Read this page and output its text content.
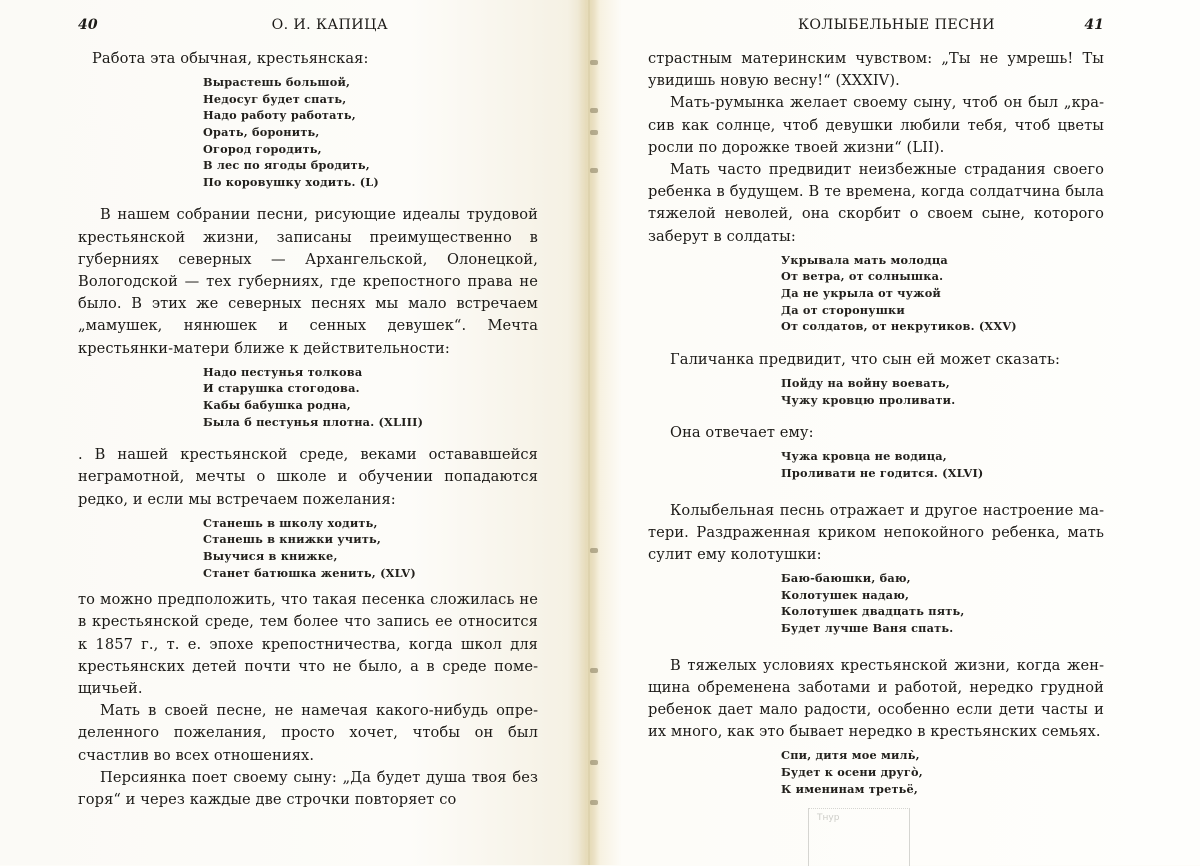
40	О. И. КАПИЦА

Работа эта обычная, крестьянская:

Вырастешь большой,
Недосуг будет спать,
Надо работу работать,
Орать, боронить,
Огород городить,
В лес по ягоды бродить,
По коровушку ходить. (L)

В нашем собрании песни, рисующие идеалы трудовой крестьянской жизни, записаны преимущественно в губерниях северных — Архангельской, Олонецкой, Вологодской — тех губерниях, где крепостного права не было. В этих же северных песнях мы мало встречаем „мамушек, нянюшек и сенных девушек“. Мечта крестьянки-матери ближе к действительности:

Надо пестунья толкова
И старушка стогодова.
Кабы бабушка родна,
Была б пестунья плотна. (XLIII)

. В нашей крестьянской среде, веками остававшейся неграмотной, мечты о школе и обучении попадаются редко, и если мы встречаем пожелания:

Станешь в школу ходить,
Станешь в книжки учить,
Выучися в книжке,
Станет батюшка женить, (XLV)

то можно предположить, что такая песенка сложилась не в крестьянской среде, тем более что запись ее относится к 1857 г., т. е. эпохе крепостничества, когда школ для крестьянских детей почти что не было, а в среде помещичьей.

Мать в своей песне, не намечая какого-нибудь определенного пожелания, просто хочет, чтобы он был счастлив во всех отношениях.

Персиянка поет своему сыну: „Да будет душа твоя без горя“ и через каждые две строчки повторяет со

КОЛЫБЕЛЬНЫЕ ПЕСНИ	41

страстным материнским чувством: „Ты не умрешь! Ты увидишь новую весну!“ (XXXIV).

Мать-румынка желает своему сыну, чтоб он был „красив как солнце, чтоб девушки любили тебя, чтоб цветы росли по дорожке твоей жизни“ (LII).

Мать часто предвидит неизбежные страдания своего ребенка в будущем. В те времена, когда солдатчина была тяжелой неволей, она скорбит о своем сыне, которого заберут в солдаты:

Укрывала мать молодца
От ветра, от солнышка.
Да не укрыла от чужой
Да от сторонушки
От солдатов, от некрутиков. (XXV)

Галичанка предвидит, что сын ей может сказать:

Пойду на войну воевать,
Чужу кровцю проливати.

Она отвечает ему:

Чужа кровца не водица,
Проливати не годится. (XLVI)

Колыбельная песнь отражает и другое настроение матери. Раздраженная криком непокойного ребенка, мать сулит ему колотушки:

Баю-баюшки, баю,
Колотушек надаю,
Колотушек двадцать пять,
Будет лучше Ваня спать.

В тяжелых условиях крестьянской жизни, когда женщина обременена заботами и работой, нередко грудной ребенок дает мало радости, особенно если дети часты и их много, как это бывает нередко в крестьянских семьях.

Спи, дитя мое миль̀,
Будет к осени другò,
К именинам третьё,
Тнур
